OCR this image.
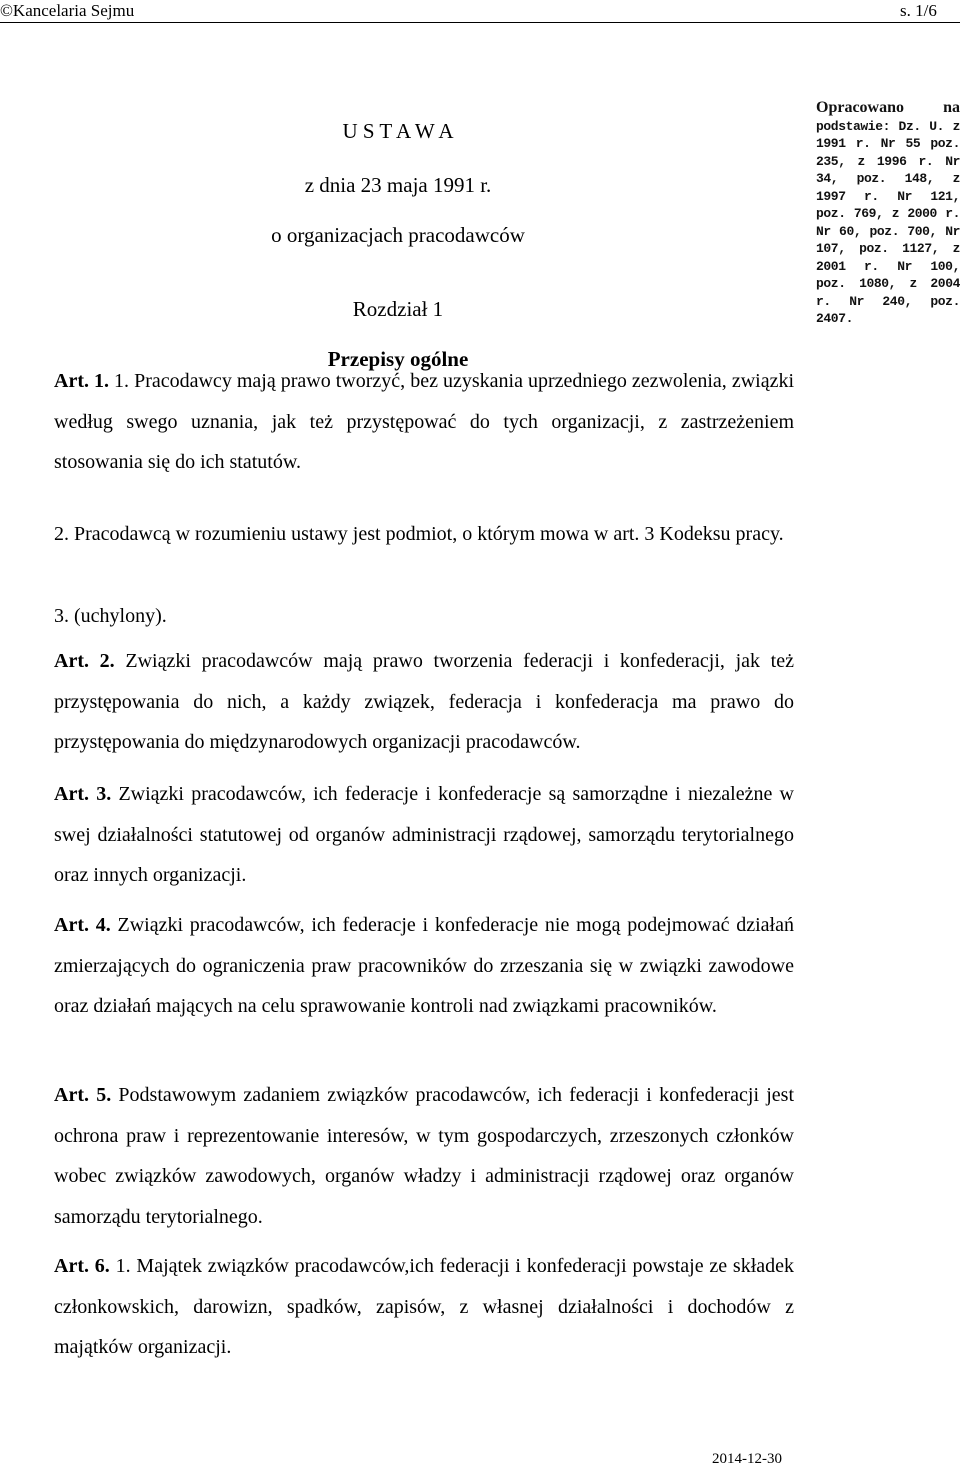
©Kancelaria Sejmu	s. 1/6
U S T A W A
z dnia 23 maja 1991 r.
o organizacjach pracodawców
Rozdział 1
Przepisy ogólne
Opracowano na podstawie: Dz. U. z 1991 r. Nr 55 poz. 235, z 1996 r. Nr 34, poz. 148, z 1997 r. Nr 121, poz. 769, z 2000 r. Nr 60, poz. 700, Nr 107, poz. 1127, z 2001 r. Nr 100, poz. 1080, z 2004 r. Nr 240, poz. 2407.
Art. 1. 1. Pracodawcy mają prawo tworzyć, bez uzyskania uprzedniego zezwolenia, związki według swego uznania, jak też przystępować do tych organizacji, z zastrzeżeniem stosowania się do ich statutów.
2. Pracodawcą w rozumieniu ustawy jest podmiot, o którym mowa w art. 3 Kodeksu pracy.
3. (uchylony).
Art. 2. Związki pracodawców mają prawo tworzenia federacji i konfederacji, jak też przystępowania do nich, a każdy związek, federacja i konfederacja ma prawo do przystępowania do międzynarodowych organizacji pracodawców.
Art. 3. Związki pracodawców, ich federacje i konfederacje są samorządne i niezależne w swej działalności statutowej od organów administracji rządowej, samorządu terytorialnego oraz innych organizacji.
Art. 4. Związki pracodawców, ich federacje i konfederacje nie mogą podejmować działań zmierzających do ograniczenia praw pracowników do zrzeszania się w związki zawodowe oraz działań mających na celu sprawowanie kontroli nad związkami pracowników.
Art. 5. Podstawowym zadaniem związków pracodawców, ich federacji i konfederacji jest ochrona praw i reprezentowanie interesów, w tym gospodarczych, zrzeszonych członków wobec związków zawodowych, organów władzy i administracji rządowej oraz organów samorządu terytorialnego.
Art. 6. 1. Majątek związków pracodawców,ich federacji i konfederacji powstaje ze składek członkowskich, darowizn, spadków, zapisów, z własnej działalności i dochodów z majątków organizacji.
2014-12-30
